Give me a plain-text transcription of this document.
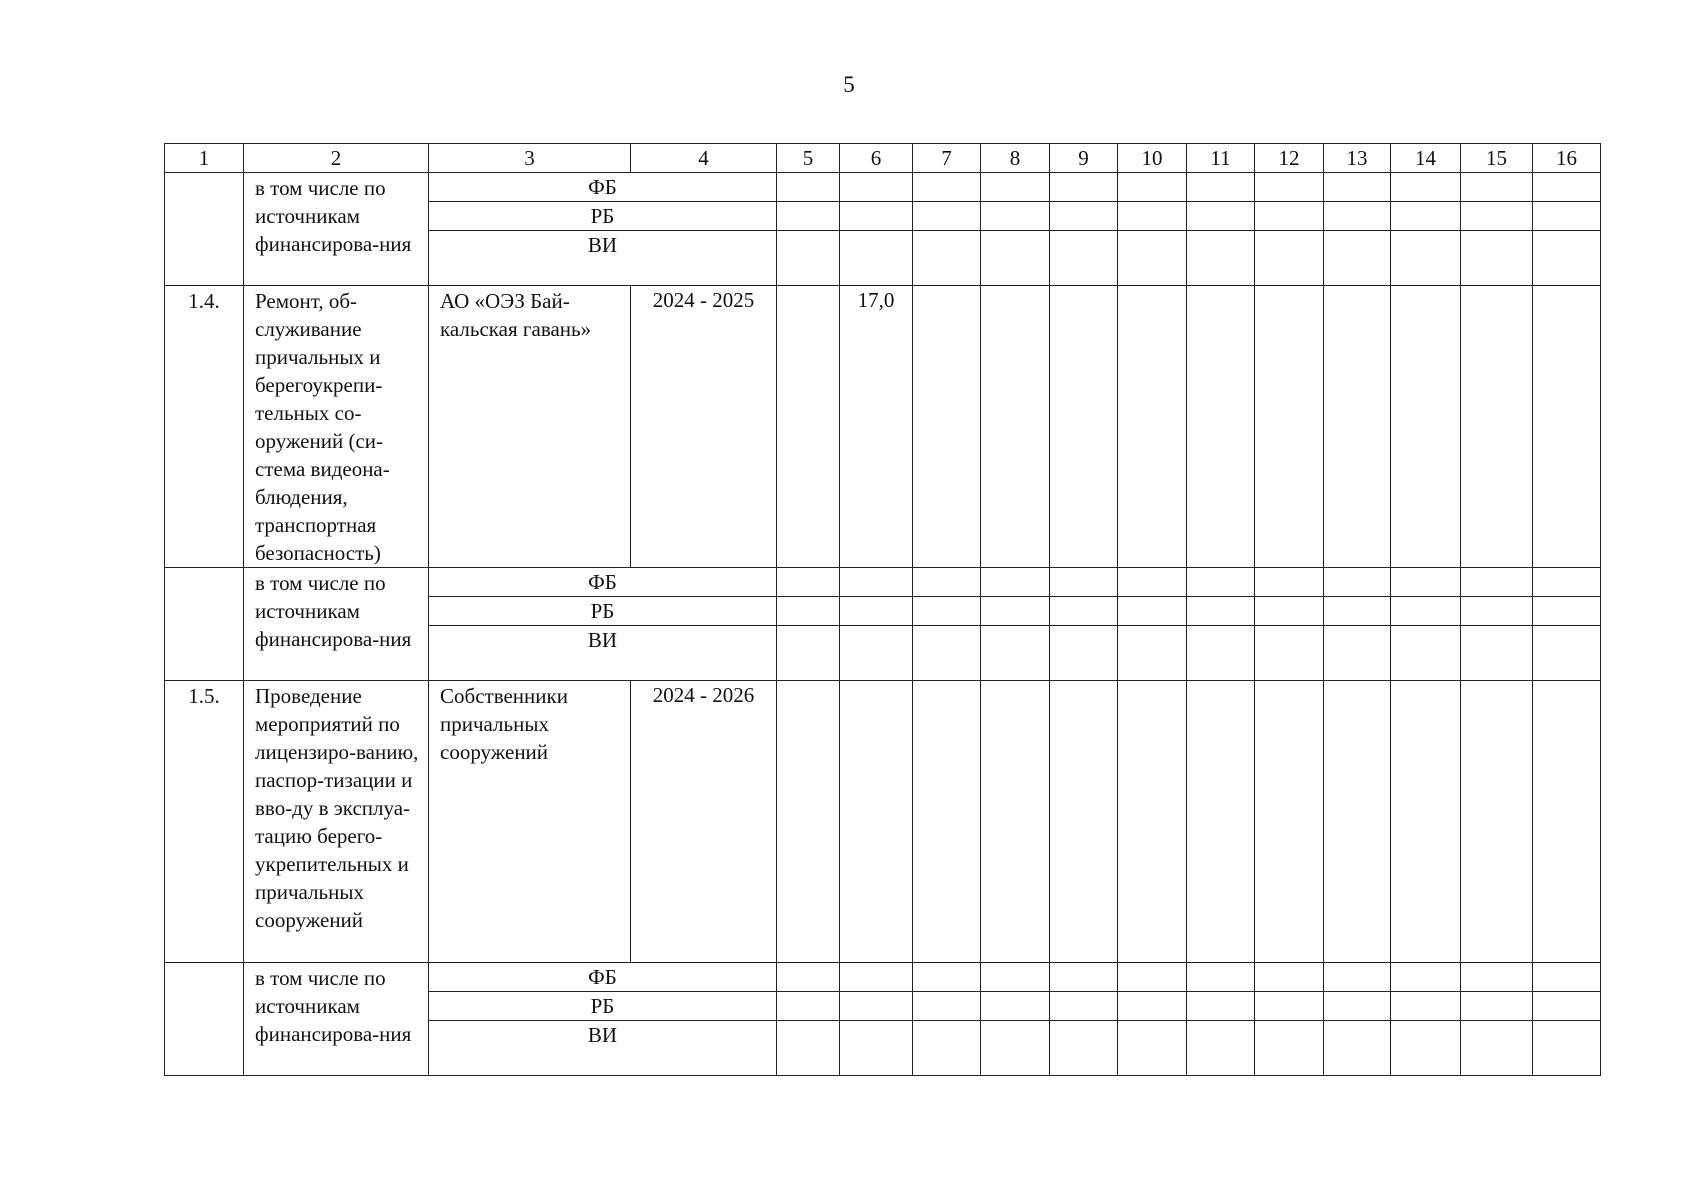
5
1	2	3	4	5	6	7	8	9	10	11	12	13	14	15	16
	в том числе по источникам финансирова-ния	ФБ													
		РБ													
		ВИ													
1.4.	Ремонт, об-служивание причальных и берегоукрепи-тельных со-оружений (си-стема видеона-блюдения, транспортная безопасность)	АО «ОЭЗ Бай-кальская гавань»	2024 - 2025		17,0										
	в том числе по источникам финансирова-ния	ФБ													
		РБ													
		ВИ													
1.5.	Проведение мероприятий по лицензиро-ванию, паспор-тизации и вво-ду в эксплуа-тацию берего-укрепительных и причальных сооружений	Собственники причальных сооружений	2024 - 2026												
	в том числе по источникам финансирова-ния	ФБ													
		РБ													
		ВИ													
